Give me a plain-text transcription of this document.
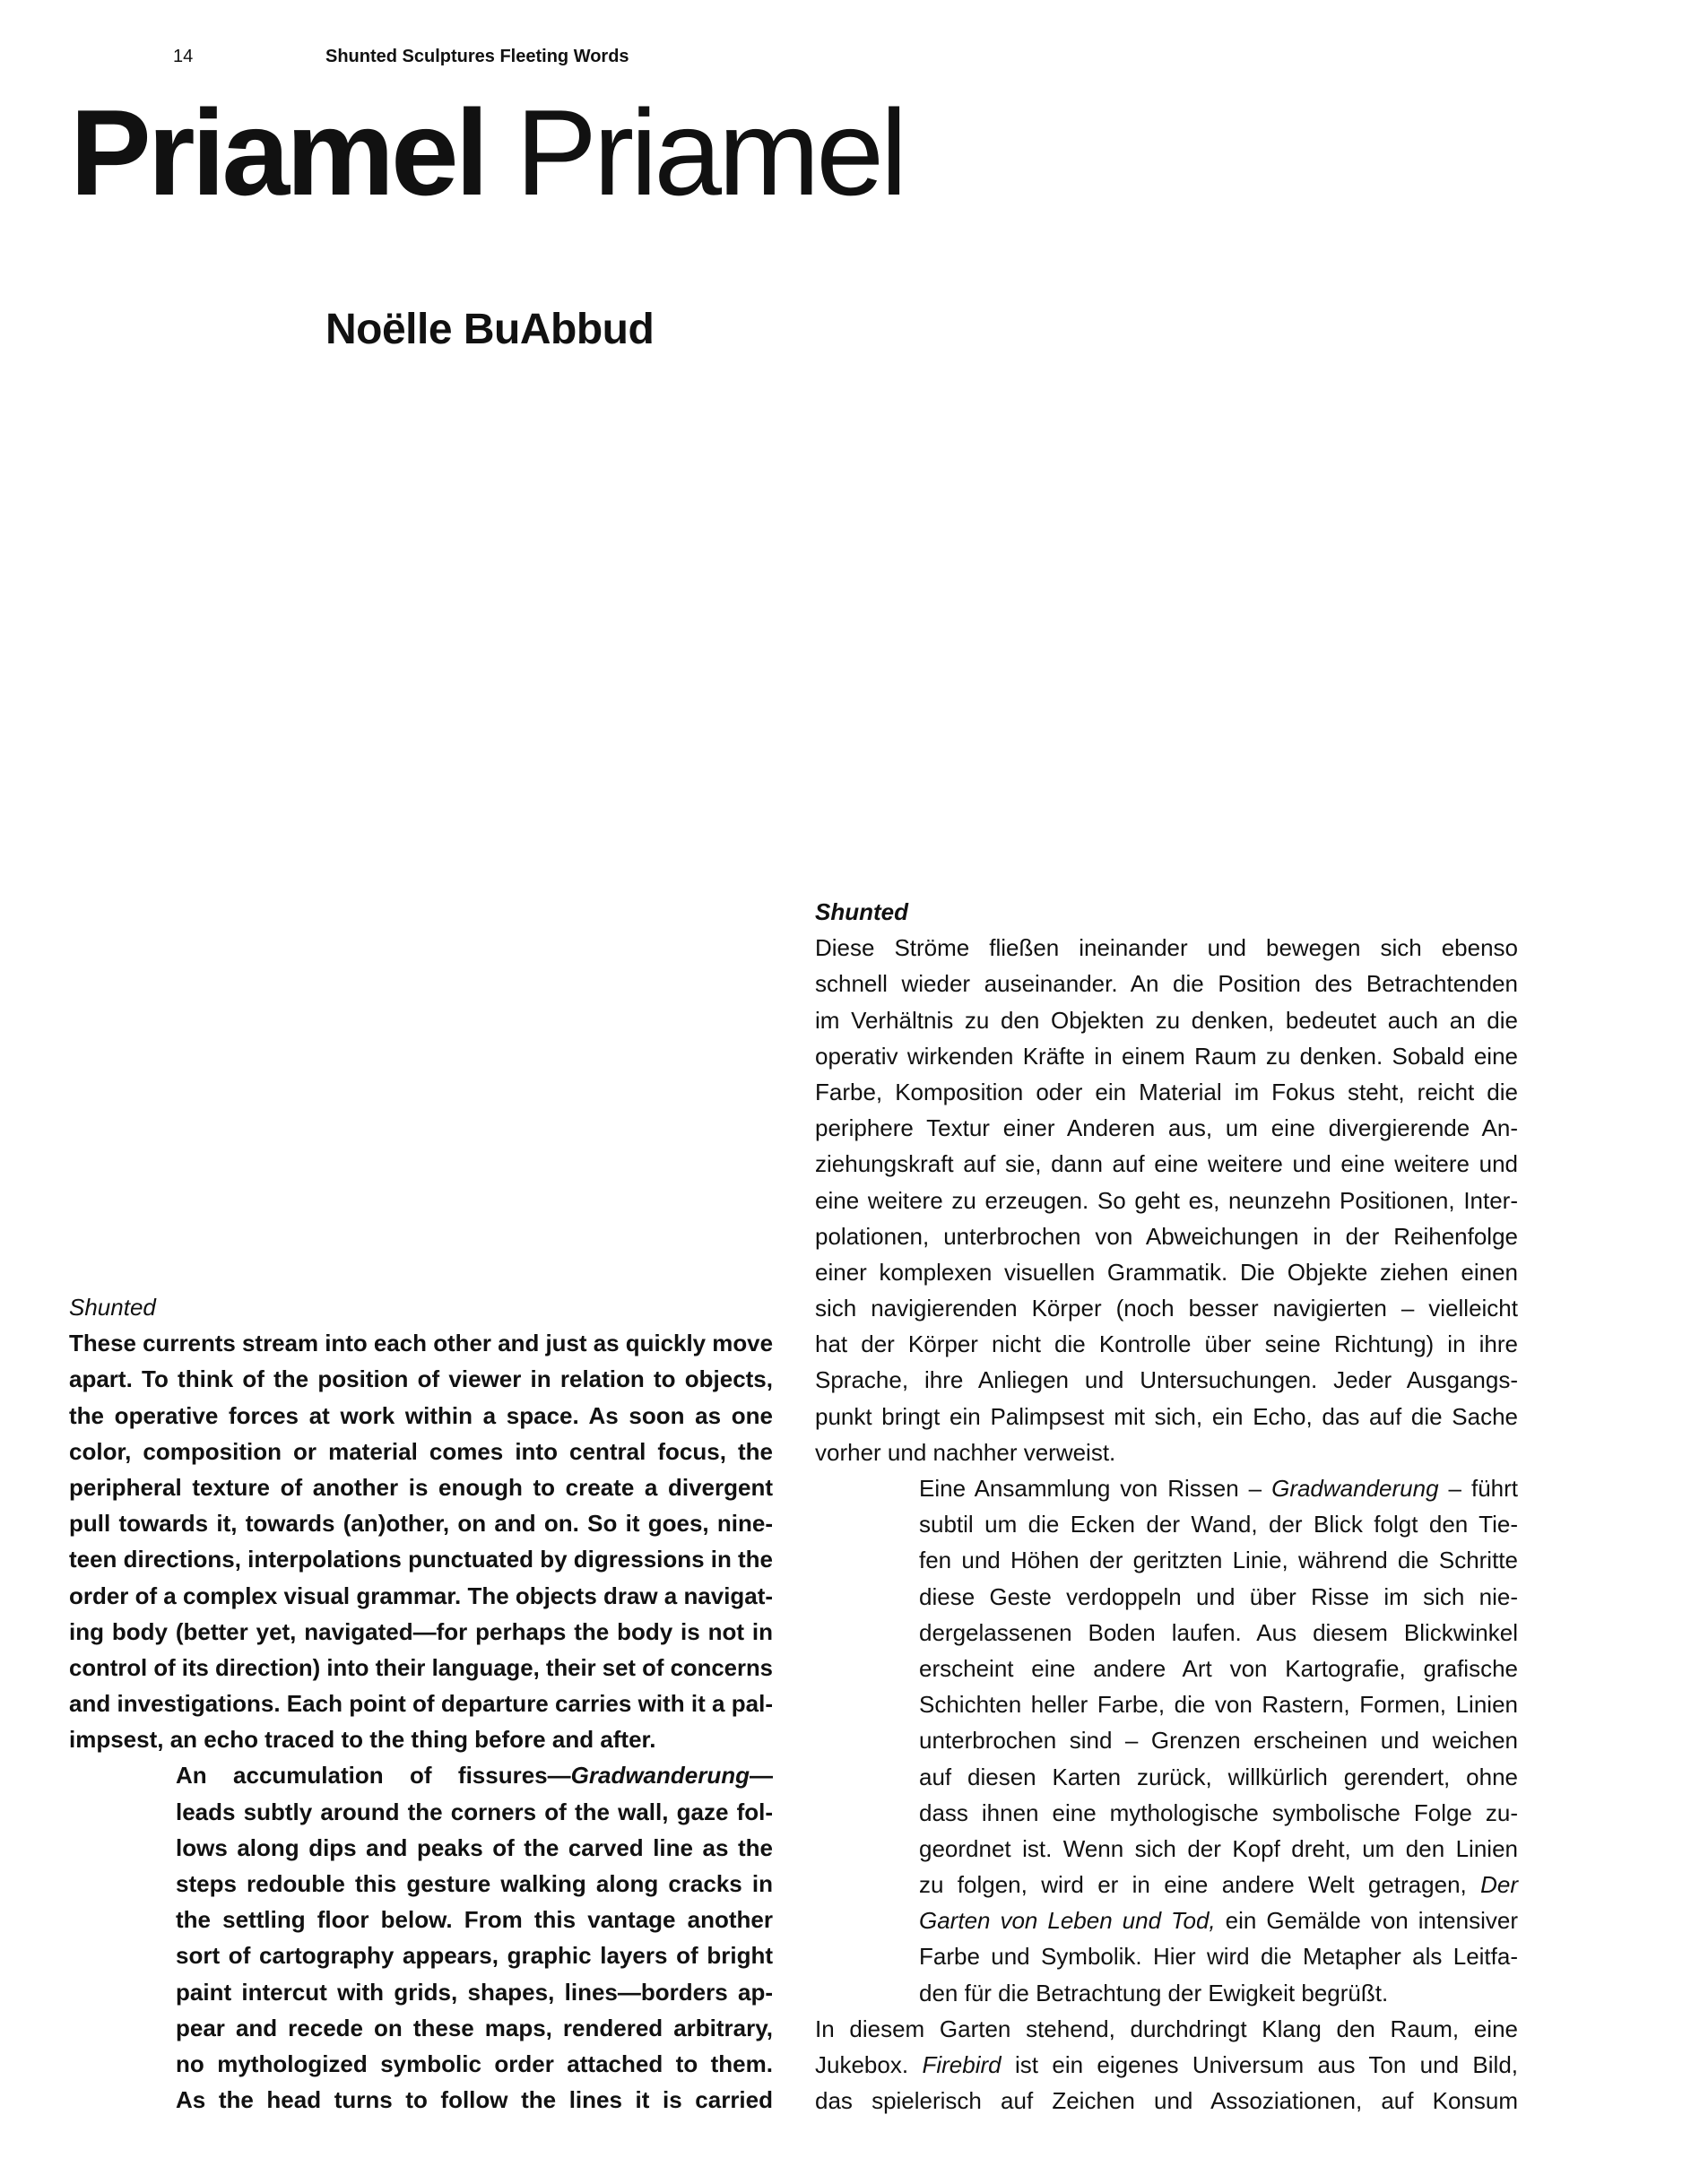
14	Shunted Sculptures Fleeting Words
Priamel Priamel
Noëlle BuAbbud
Shunted
These currents stream into each other and just as quickly move
apart. To think of the position of viewer in relation to objects,
the operative forces at work within a space. As soon as one
color, composition or material comes into central focus, the
peripheral texture of another is enough to create a divergent
pull towards it, towards (an)other, on and on. So it goes, nine-
teen directions, interpolations punctuated by digressions in the
order of a complex visual grammar. The objects draw a navigat-
ing body (better yet, navigated—for perhaps the body is not in
control of its direction) into their language, their set of concerns
and investigations. Each point of departure carries with it a pal-
impsest, an echo traced to the thing before and after.
An accumulation of fissures—Gradwanderung—
leads subtly around the corners of the wall, gaze fol-
lows along dips and peaks of the carved line as the
steps redouble this gesture walking along cracks in
the settling floor below. From this vantage another
sort of cartography appears, graphic layers of bright
paint intercut with grids, shapes, lines—borders ap-
pear and recede on these maps, rendered arbitrary,
no mythologized symbolic order attached to them.
As the head turns to follow the lines it is carried
Shunted
Diese Ströme fließen ineinander und bewegen sich ebenso
schnell wieder auseinander. An die Position des Betrachtenden
im Verhältnis zu den Objekten zu denken, bedeutet auch an die
operativ wirkenden Kräfte in einem Raum zu denken. Sobald eine
Farbe, Komposition oder ein Material im Fokus steht, reicht die
periphere Textur einer Anderen aus, um eine divergierende An-
ziehungskraft auf sie, dann auf eine weitere und eine weitere und
eine weitere zu erzeugen. So geht es, neunzehn Positionen, Inter-
polationen, unterbrochen von Abweichungen in der Reihenfolge
einer komplexen visuellen Grammatik. Die Objekte ziehen einen
sich navigierenden Körper (noch besser navigierten – vielleicht
hat der Körper nicht die Kontrolle über seine Richtung) in ihre
Sprache, ihre Anliegen und Untersuchungen. Jeder Ausgangs-
punkt bringt ein Palimpsest mit sich, ein Echo, das auf die Sache
vorher und nachher verweist.
Eine Ansammlung von Rissen – Gradwanderung – führt
subtil um die Ecken der Wand, der Blick folgt den Tie-
fen und Höhen der geritzten Linie, während die Schritte
diese Geste verdoppeln und über Risse im sich nie-
dergelassenen Boden laufen. Aus diesem Blickwinkel
erscheint eine andere Art von Kartografie, grafische
Schichten heller Farbe, die von Rastern, Formen, Linien
unterbrochen sind – Grenzen erscheinen und weichen
auf diesen Karten zurück, willkürlich gerendert, ohne
dass ihnen eine mythologische symbolische Folge zu-
geordnet ist. Wenn sich der Kopf dreht, um den Linien
zu folgen, wird er in eine andere Welt getragen, Der
Garten von Leben und Tod, ein Gemälde von intensiver
Farbe und Symbolik. Hier wird die Metapher als Leitfa-
den für die Betrachtung der Ewigkeit begrüßt.
In diesem Garten stehend, durchdringt Klang den Raum, eine
Jukebox. Firebird ist ein eigenes Universum aus Ton und Bild,
das spielerisch auf Zeichen und Assoziationen, auf Konsum
